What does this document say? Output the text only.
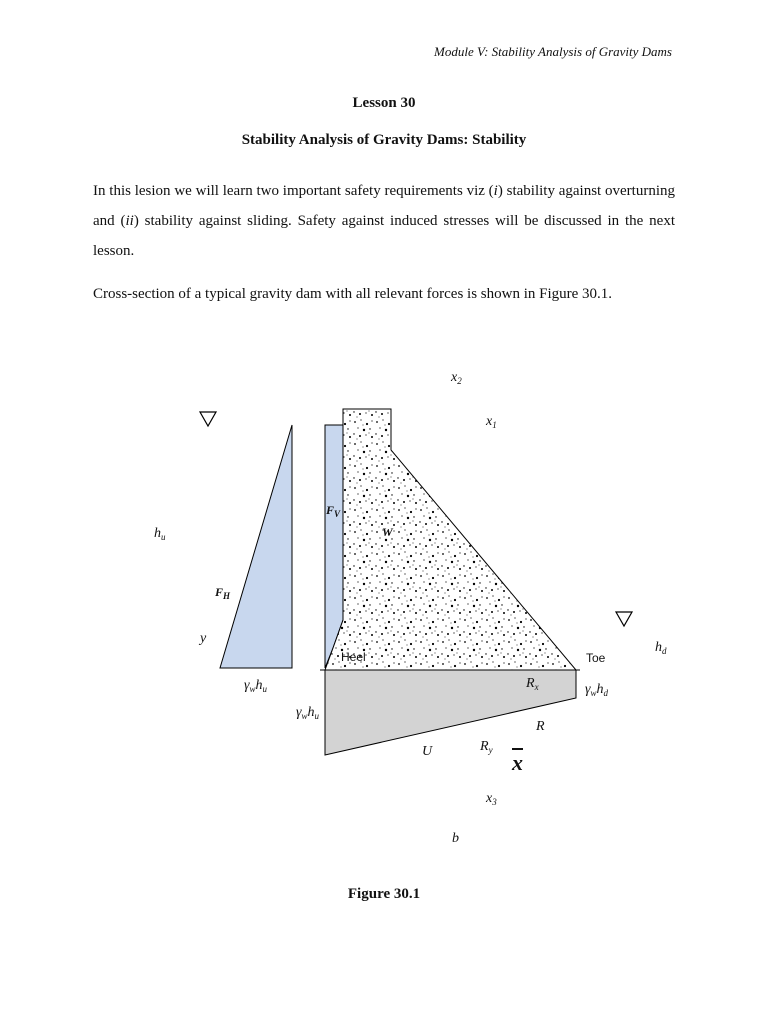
Module V: Stability Analysis of Gravity Dams
Lesson 30
Stability Analysis of Gravity Dams: Stability

In this lesion we will learn two important safety requirements viz (i) stability against overturning and (ii) stability against sliding. Safety against induced stresses will be discussed in the next lesson.

Cross-section of a typical gravity dam with all relevant forces is shown in Figure 30.1.

$x_2$
$x_1$
$h_u$
$F_V$
W
$F_H$
y
Heel	Toe
$h_d$
$\gamma_wh_u$
$\gamma_wh_u$
$R_x$	$\gamma_wh_d$
R
U	$R_y$ $\overline{x}$
$x_3$
b
Figure 30.1
